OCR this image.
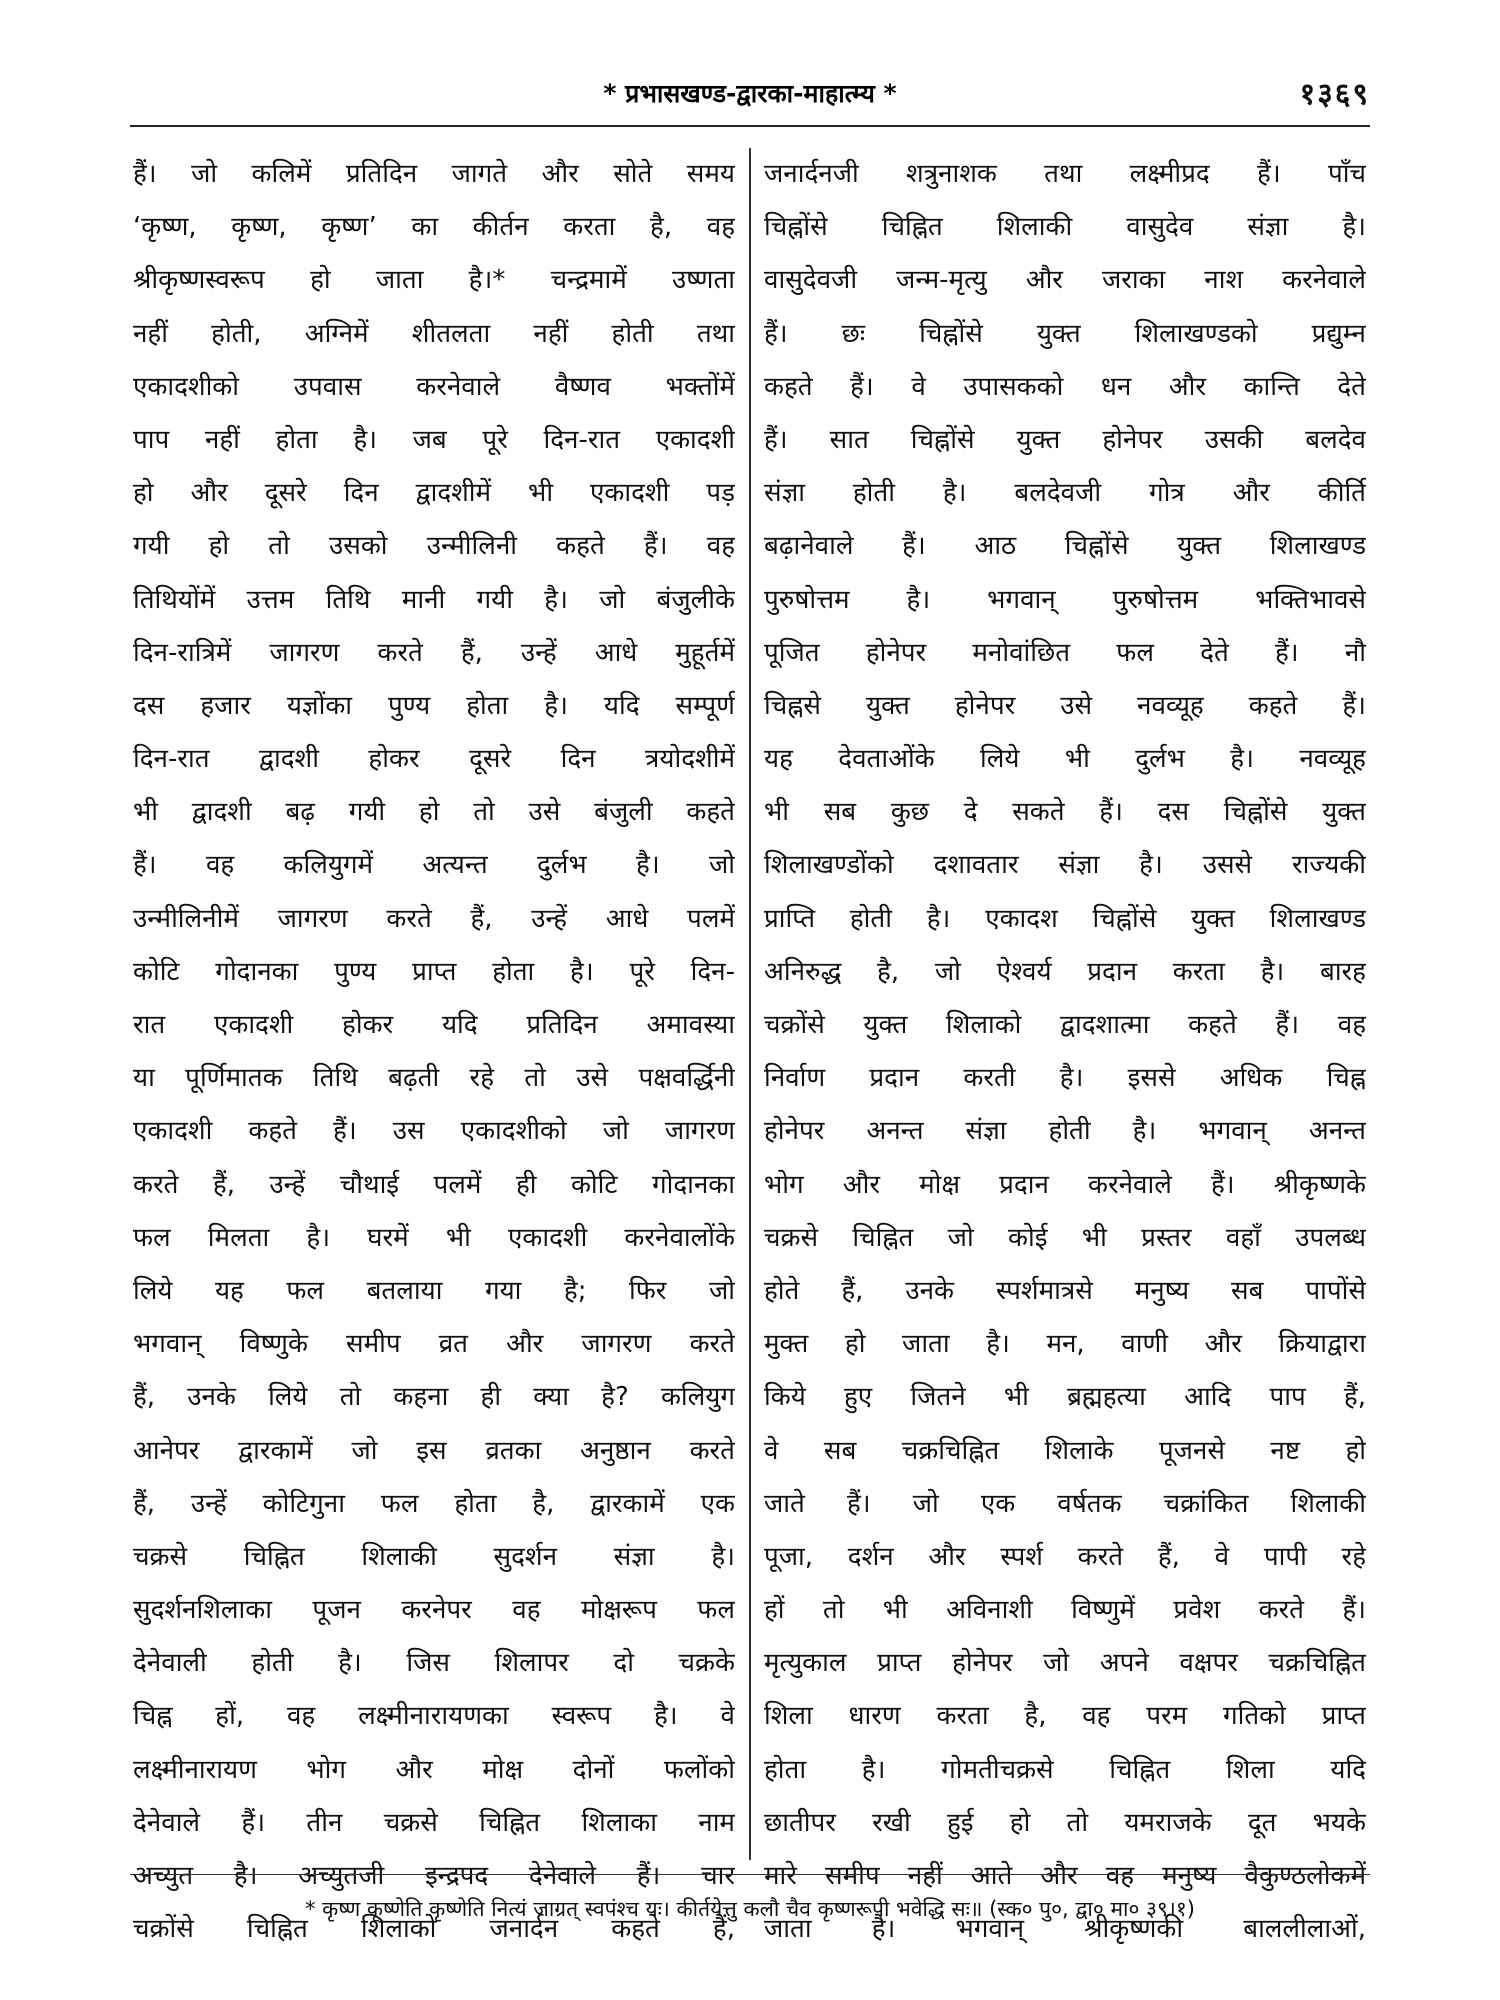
* प्रभासखण्ड-द्वारका-माहात्म्य *	१३६९
हैं। जो कलिमें प्रतिदिन जागते और सोते समय
‘कृष्ण, कृष्ण, कृष्ण’ का कीर्तन करता है, वह
श्रीकृष्णस्वरूप हो जाता है।* चन्द्रमामें उष्णता
नहीं होती, अग्निमें शीतलता नहीं होती तथा
एकादशीको उपवास करनेवाले वैष्णव भक्तोंमें
पाप नहीं होता है। जब पूरे दिन-रात एकादशी
हो और दूसरे दिन द्वादशीमें भी एकादशी पड़
गयी हो तो उसको उन्मीलिनी कहते हैं। वह
तिथियोंमें उत्तम तिथि मानी गयी है। जो बंजुलीके
दिन-रात्रिमें जागरण करते हैं, उन्हें आधे मुहूर्तमें
दस हजार यज्ञोंका पुण्य होता है। यदि सम्पूर्ण
दिन-रात द्वादशी होकर दूसरे दिन त्रयोदशीमें
भी द्वादशी बढ़ गयी हो तो उसे बंजुली कहते
हैं। वह कलियुगमें अत्यन्त दुर्लभ है। जो
उन्मीलिनीमें जागरण करते हैं, उन्हें आधे पलमें
कोटि गोदानका पुण्य प्राप्त होता है। पूरे दिन-
रात एकादशी होकर यदि प्रतिदिन अमावस्या
या पूर्णिमातक तिथि बढ़ती रहे तो उसे पक्षवर्द्धिनी
एकादशी कहते हैं। उस एकादशीको जो जागरण
करते हैं, उन्हें चौथाई पलमें ही कोटि गोदानका
फल मिलता है। घरमें भी एकादशी करनेवालोंके
लिये यह फल बतलाया गया है; फिर जो
भगवान् विष्णुके समीप व्रत और जागरण करते
हैं, उनके लिये तो कहना ही क्या है? कलियुग
आनेपर द्वारकामें जो इस व्रतका अनुष्ठान करते
हैं, उन्हें कोटिगुना फल होता है, द्वारकामें एक
चक्रसे चिह्नित शिलाकी सुदर्शन संज्ञा है।
सुदर्शनशिलाका पूजन करनेपर वह मोक्षरूप फल
देनेवाली होती है। जिस शिलापर दो चक्रके
चिह्न हों, वह लक्ष्मीनारायणका स्वरूप है। वे
लक्ष्मीनारायण भोग और मोक्ष दोनों फलोंको
देनेवाले हैं। तीन चक्रसे चिह्नित शिलाका नाम
अच्युत है। अच्युतजी इन्द्रपद देनेवाले हैं। चार
चक्रोंसे चिह्नित शिलाको जनार्दन कहते हैं,
जनार्दनजी शत्रुनाशक तथा लक्ष्मीप्रद हैं। पाँच
चिह्नोंसे चिह्नित शिलाकी वासुदेव संज्ञा है।
वासुदेवजी जन्म-मृत्यु और जराका नाश करनेवाले
हैं। छः चिह्नोंसे युक्त शिलाखण्डको प्रद्युम्न
कहते हैं। वे उपासकको धन और कान्ति देते
हैं। सात चिह्नोंसे युक्त होनेपर उसकी बलदेव
संज्ञा होती है। बलदेवजी गोत्र और कीर्ति
बढ़ानेवाले हैं। आठ चिह्नोंसे युक्त शिलाखण्ड
पुरुषोत्तम है। भगवान् पुरुषोत्तम भक्तिभावसे
पूजित होनेपर मनोवांछित फल देते हैं। नौ
चिह्नसे युक्त होनेपर उसे नवव्यूह कहते हैं।
यह देवताओंके लिये भी दुर्लभ है। नवव्यूह
भी सब कुछ दे सकते हैं। दस चिह्नोंसे युक्त
शिलाखण्डोंको दशावतार संज्ञा है। उससे राज्यकी
प्राप्ति होती है। एकादश चिह्नोंसे युक्त शिलाखण्ड
अनिरुद्ध है, जो ऐश्वर्य प्रदान करता है। बारह
चक्रोंसे युक्त शिलाको द्वादशात्मा कहते हैं। वह
निर्वाण प्रदान करती है। इससे अधिक चिह्न
होनेपर अनन्त संज्ञा होती है। भगवान् अनन्त
भोग और मोक्ष प्रदान करनेवाले हैं। श्रीकृष्णके
चक्रसे चिह्नित जो कोई भी प्रस्तर वहाँ उपलब्ध
होते हैं, उनके स्पर्शमात्रसे मनुष्य सब पापोंसे
मुक्त हो जाता है। मन, वाणी और क्रियाद्वारा
किये हुए जितने भी ब्रह्महत्या आदि पाप हैं,
वे सब चक्रचिह्नित शिलाके पूजनसे नष्ट हो
जाते हैं। जो एक वर्षतक चक्रांकित शिलाकी
पूजा, दर्शन और स्पर्श करते हैं, वे पापी रहे
हों तो भी अविनाशी विष्णुमें प्रवेश करते हैं।
मृत्युकाल प्राप्त होनेपर जो अपने वक्षपर चक्रचिह्नित
शिला धारण करता है, वह परम गतिको प्राप्त
होता है। गोमतीचक्रसे चिह्नित शिला यदि
छातीपर रखी हुई हो तो यमराजके दूत भयके
मारे समीप नहीं आते और वह मनुष्य वैकुण्ठलोकमें
जाता है। भगवान् श्रीकृष्णकी बाललीलाओं,
* कृष्ण कृष्णेति कृष्णेति नित्यं जाग्रत् स्वपंश्च यः। कीर्तयेत्तु कलौ चैव कृष्णरूपी भवेद्धि सः॥ (स्क० पु०, द्वा० मा० ३९।१)
